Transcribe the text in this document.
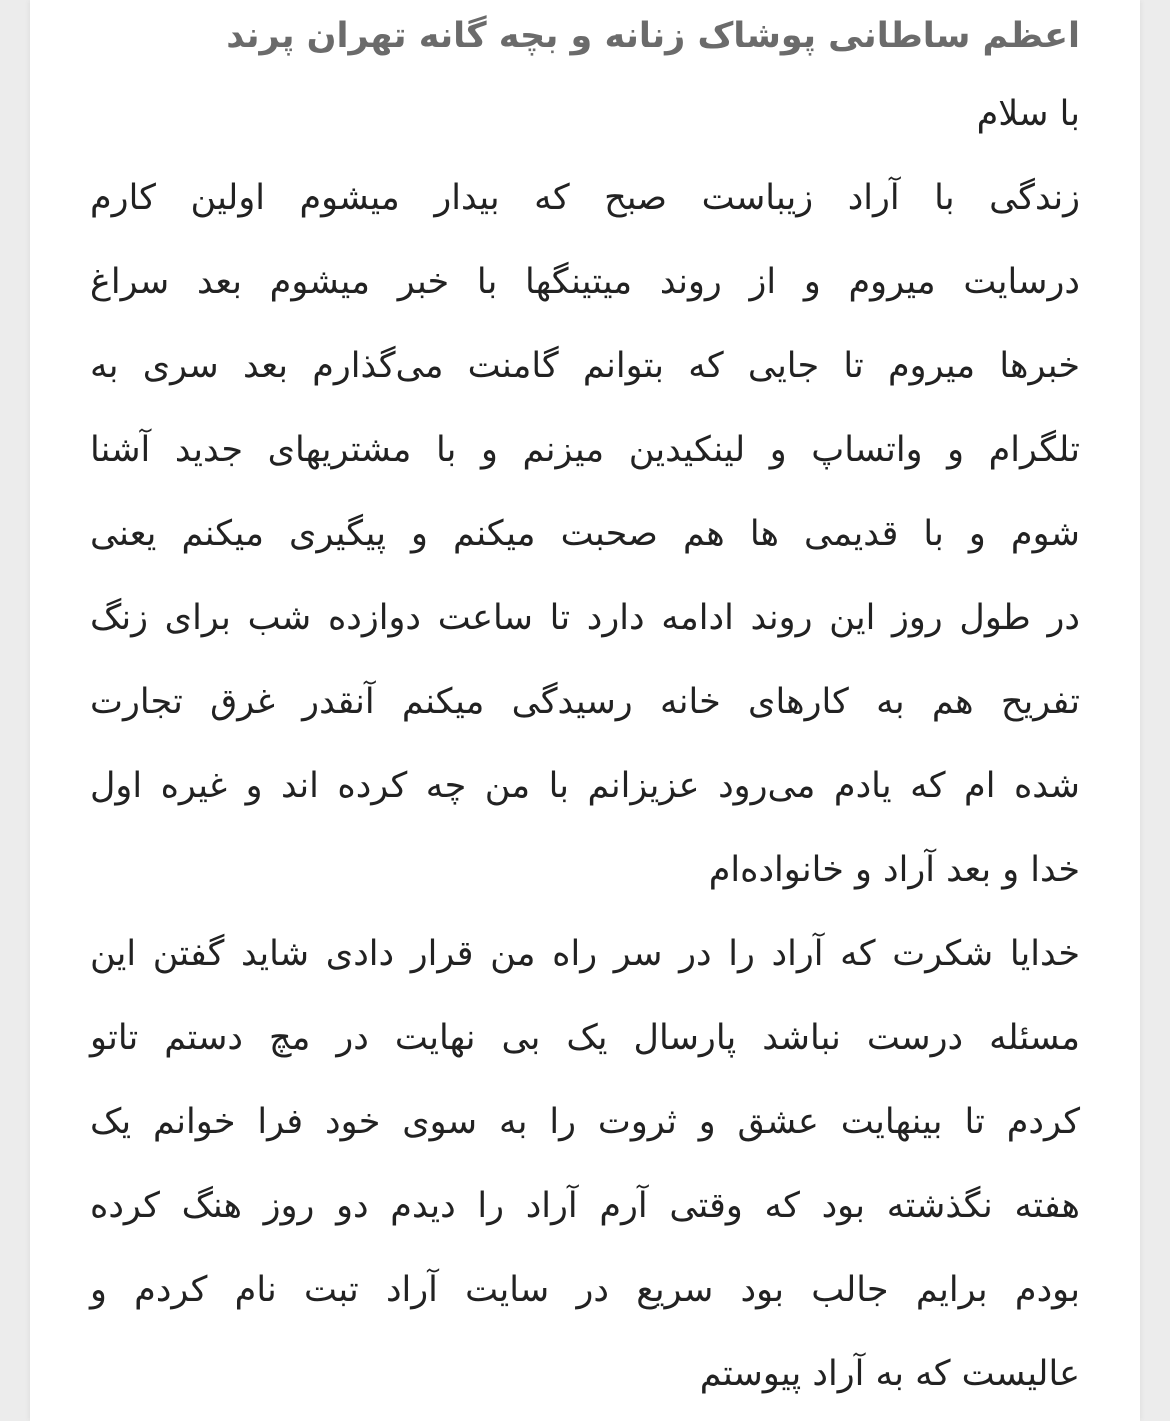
اعظم ساطانی پوشاک زنانه و بچه گانه تهران پرند

با سلام

زندگی با آراد زیباست صبح که بیدار میشوم اولین کارم

درسایت میروم و از روند میتینگها با خبر میشوم بعد سراغ

خبرها میروم تا جایی که بتوانم گامنت می‌گذارم بعد سری به

تلگرام و واتساپ و لینکیدین میزنم و با مشتریهای جدید آشنا

شوم و با قدیمی ها هم صحبت میکنم و پیگیری میکنم یعنی

در طول روز این روند ادامه دارد تا ساعت دوازده شب برای زنگ

تفریح هم به کارهای خانه رسیدگی میکنم آنقدر غرق تجارت

شده ام که یادم می‌رود عزیزانم با من چه کرده اند و غیره اول

خدا و بعد آراد و خانواده‌ام

خدایا شکرت که آراد را در سر راه من قرار دادی شاید گفتن این

مسئله درست نباشد پارسال یک بی نهایت در مچ دستم تاتو

کردم تا بینهایت عشق و ثروت را به سوی خود فرا خوانم یک

هفته نگذشته بود که وقتی آرم آراد را دیدم دو روز هنگ کرده

بودم برایم جالب بود سریع در سایت آراد تبت نام کردم و

عالیست که به آراد پیوستم
